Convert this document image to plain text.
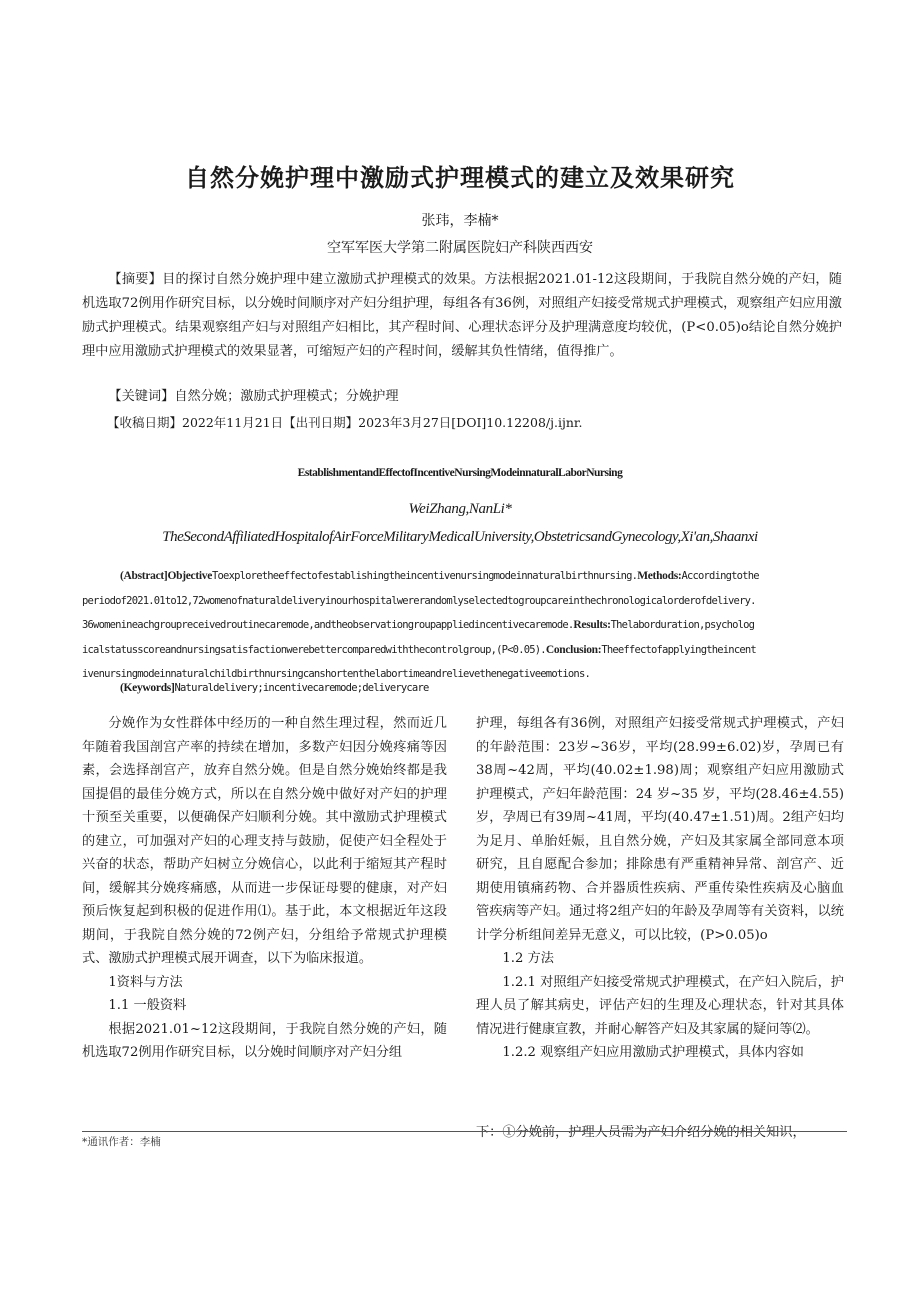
自然分娩护理中激励式护理模式的建立及效果研究
张玮，李楠*
空军军医大学第二附属医院妇产科陕西西安
【摘要】目的探讨自然分娩护理中建立激励式护理模式的效果。方法根据2021.01-12这段期间，于我院自然分娩的产妇，随机选取72例用作研究目标，以分娩时间顺序对产妇分组护理，每组各有36例，对照组产妇接受常规式护理模式，观察组产妇应用激励式护理模式。结果观察组产妇与对照组产妇相比，其产程时间、心理状态评分及护理满意度均较优，(P<0.05)o结论自然分娩护理中应用激励式护理模式的效果显著，可缩短产妇的产程时间，缓解其负性情绪，值得推广。
【关键词】自然分娩；激励式护理模式；分娩护理
【收稿日期】2022年11月21日【出刊日期】2023年3月27日[DOI]10.12208/j.ijnr.
EstablishmentandEffectofIncentiveNursingModeinnaturalLaborNursing
WeiZhang,NanLi*
TheSecondAffiliatedHospitalofAirForceMilitaryMedicalUniversity,ObstetricsandGynecology,Xi'an,Shaanxi
(Abstract]ObjectiveToexploretheeffectofestablishingtheincentivenursingmodeinnaturalbirthnursing.Methods:Accordingtothe
periodof2021.01to12,72womenofnaturaldeliveryinourhospitalwererandomlyselectedtogroupcareinthechronologicalorderofdelivery.
36womenineachgroupreceivedroutinecaremode,andtheobservationgroupappliedincentivecaremode.Results:Thelaborduration,psycholog
icalstatusscoreandnursingsatisfactionwerebettercomparedwiththecontrolgroup,(P<0.05).Conclusion:Theeffectofapplyingtheincent
ivenursingmodeinnaturalchildbirthnursingcanshortenthelabortimeandrelievethenegativeemotions.
(Keywords]Naturaldelivery;incentivecaremode;deliverycare

分娩作为女性群体中经历的一种自然生理过程，然而近几年随着我国剖宫产率的持续在增加，多数产妇因分娩疼痛等因素，会选择剖宫产，放弃自然分娩。但是自然分娩始终都是我国提倡的最佳分娩方式，所以在自然分娩中做好对产妇的护理十预至关重要，以便确保产妇顺利分娩。其中激励式护理模式的建立，可加强对产妇的心理支持与鼓励，促使产妇全程处于兴奋的状态，帮助产妇树立分娩信心，以此利于缩短其产程时间，缓解其分娩疼痛感，从而进一步保证母婴的健康，对产妇预后恢复起到积极的促进作用⑴。基于此，本文根据近年这段期间，于我院自然分娩的72例产妇，分组给予常规式护理模式、激励式护理模式展开调查，以下为临床报道。

1资料与方法

1.1 一般资料

根据2021.01~12这段期间，于我院自然分娩的产妇，随机选取72例用作研究目标，以分娩时间顺序对产妇分组

护理，每组各有36例，对照组产妇接受常规式护理模式，产妇的年龄范围：23岁~36岁，平均(28.99±6.02)岁，孕周已有38周~42周，平均(40.02±1.98)周；观察组产妇应用激励式护理模式，产妇年龄范围：24 岁~35 岁，平均(28.46±4.55)岁，孕周已有39周~41周，平均(40.47±1.51)周。2组产妇均为足月、单胎妊娠，且自然分娩，产妇及其家属全部同意本项研究，且自愿配合参加；排除患有严重精神异常、剖宫产、近期使用镇痛药物、合并器质性疾病、严重传染性疾病及心脑血管疾病等产妇。通过将2组产妇的年龄及孕周等有关资料，以统计学分析组间差异无意义，可以比较，(P>0.05)o

1.2 方法

1.2.1 对照组产妇接受常规式护理模式，在产妇入院后，护理人员了解其病史，评估产妇的生理及心理状态，针对其具体情况进行健康宣教，并耐心解答产妇及其家属的疑问等⑵。

1.2.2 观察组产妇应用激励式护理模式，具体内容如

下：①分娩前，护理人员需为产妇介绍分娩的相关知识，
*通讯作者：李楠
